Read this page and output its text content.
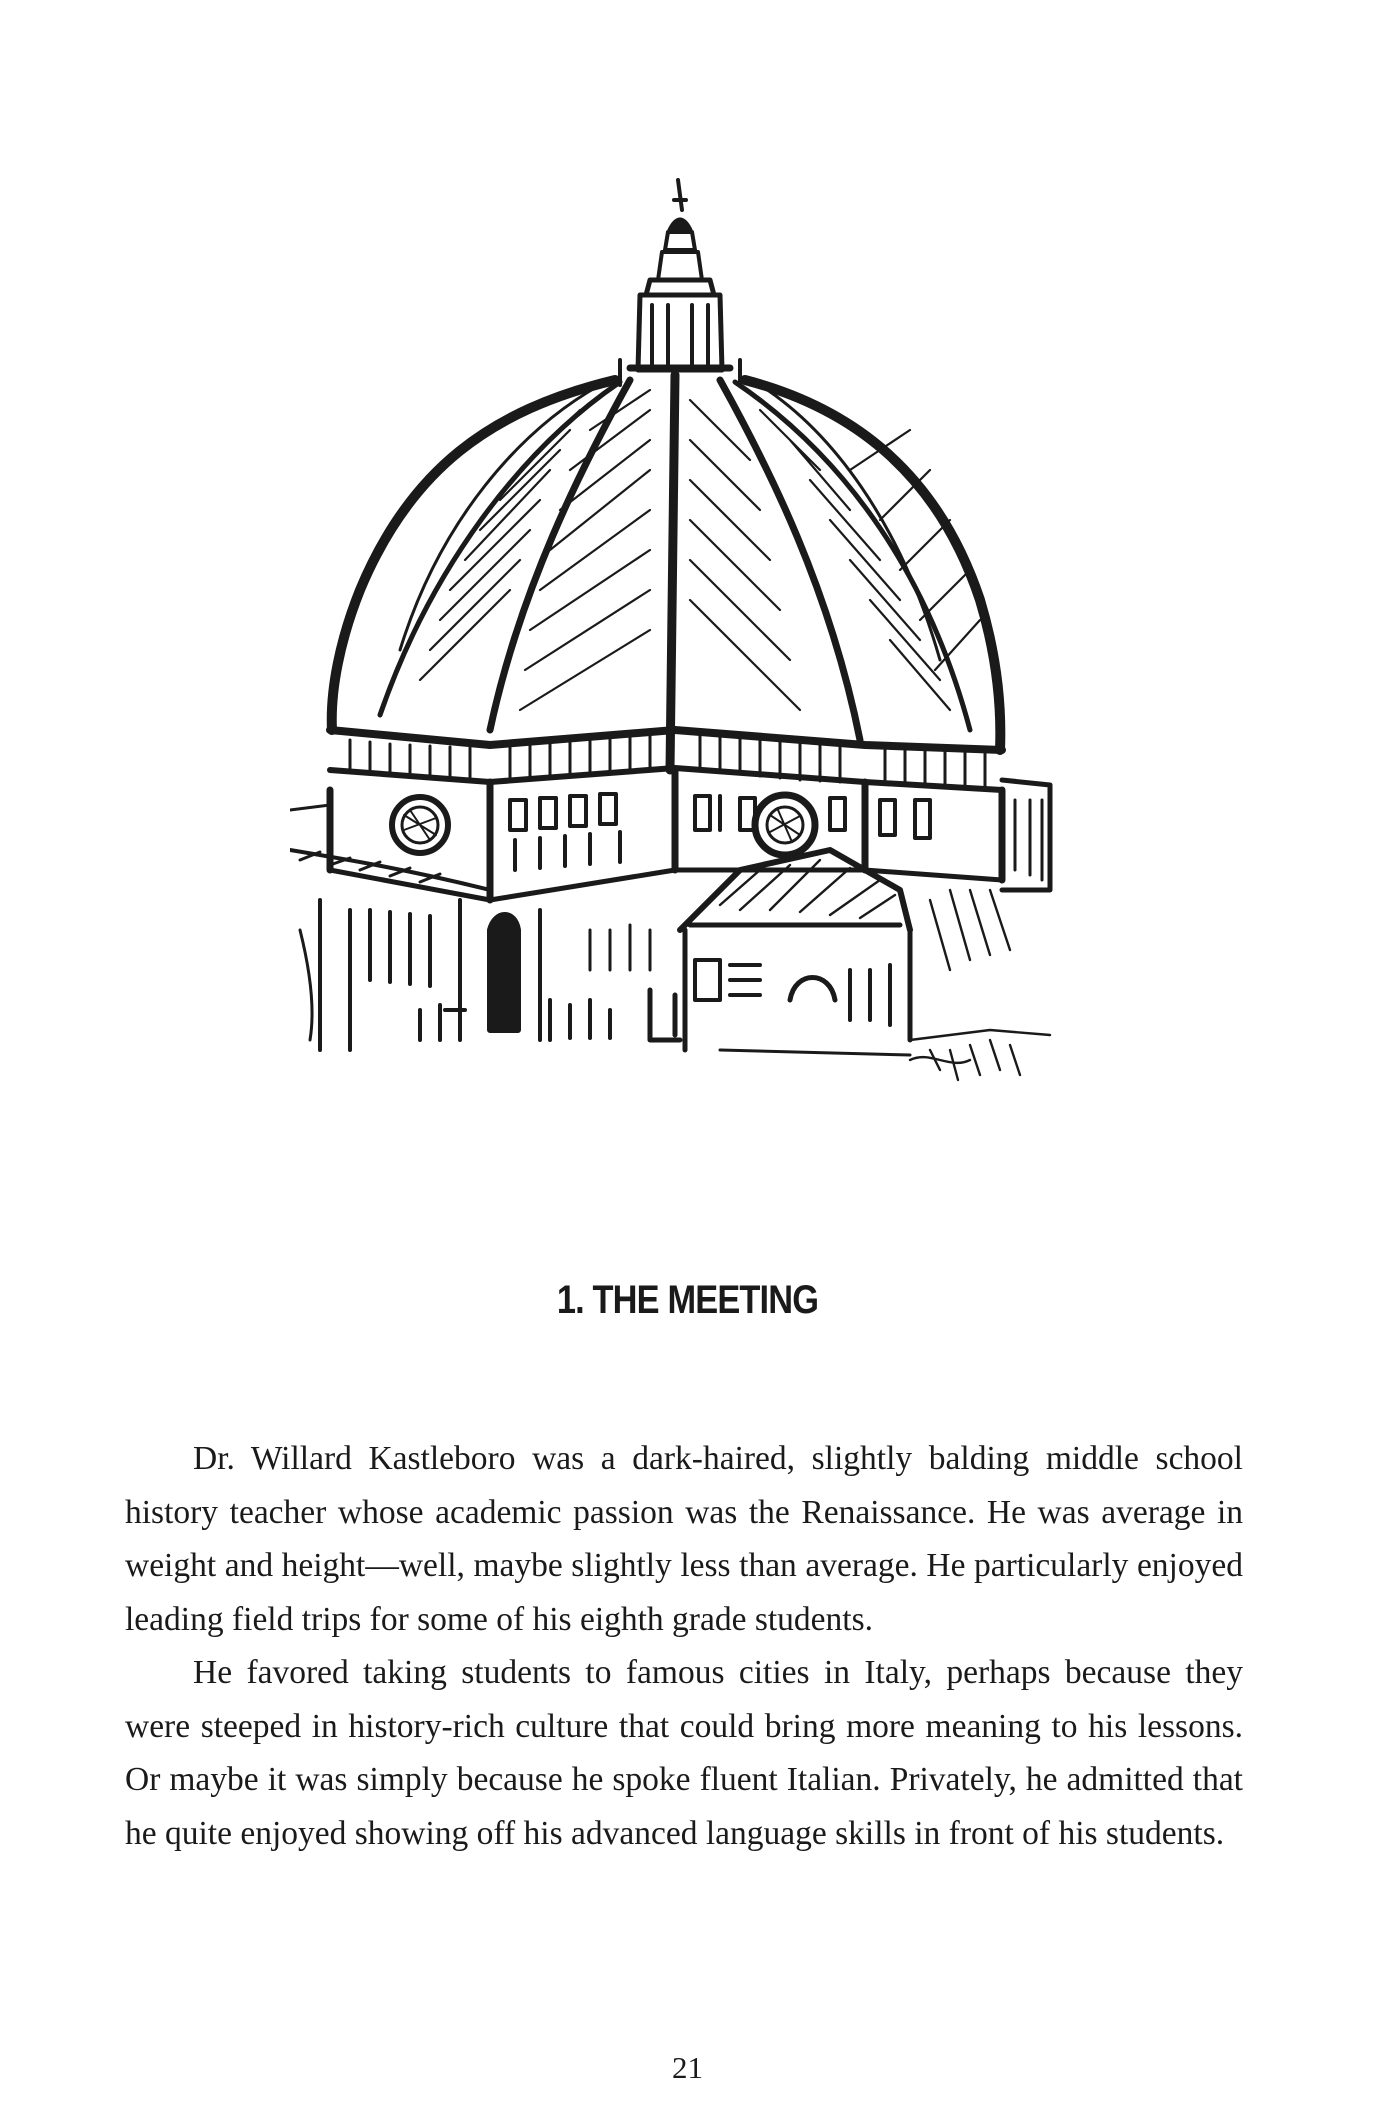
1. THE MEETING

Dr. Willard Kastleboro was a dark-haired, slightly balding middle school history teacher whose academic passion was the Renaissance. He was average in weight and height—well, maybe slightly less than average. He particularly enjoyed leading field trips for some of his eighth grade students.

He favored taking students to famous cities in Italy, perhaps because they were steeped in history-rich culture that could bring more meaning to his lessons. Or maybe it was simply because he spoke fluent Italian. Privately, he admitted that he quite enjoyed showing off his advanced language skills in front of his students.

21
